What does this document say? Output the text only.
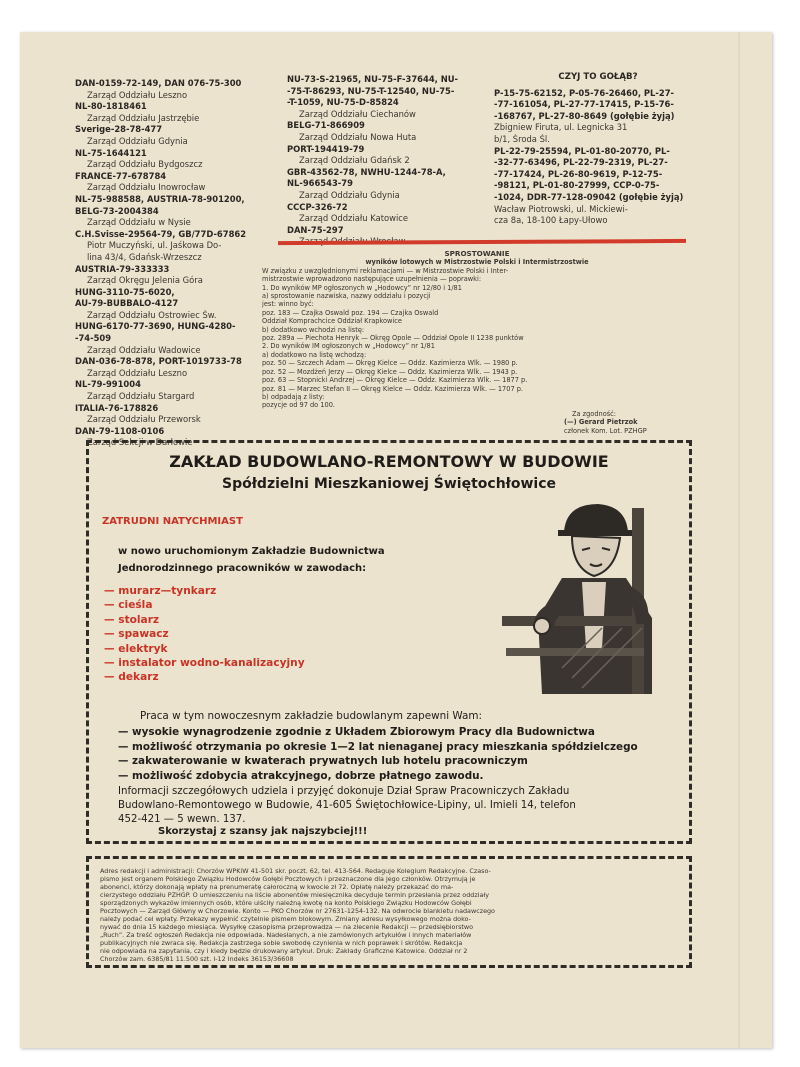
DAN-0159-72-149, DAN 076-75-300
Zarząd Oddziału Leszno
NL-80-1818461
Zarząd Oddziału Jastrzębie
Sverige-28-78-477
Zarząd Oddziału Gdynia
NL-75-1644121
Zarząd Oddziału Bydgoszcz
FRANCE-77-678784
Zarząd Oddziału Inowrocław
NL-75-988588, AUSTRIA-78-901200,
BELG-73-2004384
Zarząd Oddziału w Nysie
C.H.Svisse-29564-79, GB/77D-67862
Piotr Muczyński, ul. Jaśkowa Do-
lina 43/4, Gdańsk-Wrzeszcz
AUSTRIA-79-333333
Zarząd Okręgu Jelenia Góra
HUNG-3110-75-6020,
AU-79-BUBBALO-4127
Zarząd Oddziału Ostrowiec Św.
HUNG-6170-77-3690, HUNG-4280-
-74-509
Zarząd Oddziału Wadowice
DAN-036-78-878, PORT-1019733-78
Zarząd Oddziału Leszno
NL-79-991004
Zarząd Oddziału Stargard
ITALIA-76-178826
Zarząd Oddziału Przeworsk
DAN-79-1108-0106
Zarząd Sekcji w Darłowie
NU-73-S-21965, NU-75-F-37644, NU-
-75-T-86293, NU-75-T-12540, NU-75-
-T-1059, NU-75-D-85824
Zarząd Oddziału Ciechanów
BELG-71-866909
Zarząd Oddziału Nowa Huta
PORT-194419-79
Zarząd Oddziału Gdańsk 2
GBR-43562-78, NWHU-1244-78-A,
NL-966543-79
Zarząd Oddziału Gdynia
CCCP-326-72
Zarząd Oddziału Katowice
DAN-75-297
CZYJ TO GOŁĄB?
P-15-75-62152, P-05-76-26460, PL-27-
-77-161054, PL-27-77-17415, P-15-76-
-168767, PL-27-80-8649 (gołębie żyją)
Zbigniew Firuta, ul. Legnicka 31
b/1, Środa Śl.
PL-22-79-25594, PL-01-80-20770, PL-
-32-77-63496, PL-22-79-2319, PL-27-
-77-17424, PL-26-80-9619, P-12-75-
-98121, PL-01-80-27999, CCP-0-75-
-1024, DDR-77-128-09042 (gołębie żyją)
Wacław Piotrowski, ul. Mickiewi-
cza 8a, 18-100 Łapy-Ułowo
SPROSTOWANIE
wyników lotowych w Mistrzostwie Polski i Intermistrzostwie
W związku z uwzględnionymi reklamacjami — w Mistrzostwie Polski i Inter-
mistrzostwie wprowadzono następujące uzupełnienia — poprawki:
1. Do wyników MP ogłoszonych w „Hodowcy” nr 12/80 i 1/81
a) sprostowanie nazwiska, nazwy oddziału i pozycji
jest: winno być:
poz. 183 — Czajka Oswald poz. 194 — Czajka Oswald
Oddział Komprachcice Oddział Krapkowice
b) dodatkowo wchodzi na listę:
poz. 289a — Piechota Henryk — Okręg Opole — Oddział Opole II 1238 punktów
2. Do wyników IM ogłoszonych w „Hodowcy” nr 1/81
a) dodatkowo na listę wchodzą:
poz. 50 — Szczech Adam — Okręg Kielce — Oddz. Kazimierza Wlk. — 1980 p.
poz. 52 — Mozdżeń Jerzy — Okręg Kielce — Oddz. Kazimierza Wlk. — 1943 p.
poz. 63 — Stopnicki Andrzej — Okręg Kielce — Oddz. Kazimierza Wlk. — 1877 p.
poz. 81 — Marzec Stefan II — Okręg Kielce — Oddz. Kazimierza Wlk. — 1707 p.
b) odpadają z listy:
pozycje od 97 do 100.
Za zgodność:
(—) Gerard Pietrzok
członek Kom. Lot. PZHGP
ZAKŁAD BUDOWLANO-REMONTOWY W BUDOWIE
Spółdzielni Mieszkaniowej Świętochłowice
ZATRUDNI NATYCHMIAST
w nowo uruchomionym Zakładzie Budownictwa
Jednorodzinnego pracowników w zawodach:
— murarz—tynkarz
— cieśla
— stolarz
— spawacz
— elektryk
— instalator wodno-kanalizacyjny
— dekarz
Praca w tym nowoczesnym zakładzie budowlanym zapewni Wam:
— wysokie wynagrodzenie zgodnie z Układem Zbiorowym Pracy dla Budownictwa
— możliwość otrzymania po okresie 1—2 lat nienaganej pracy mieszkania spółdzielczego
— zakwaterowanie w kwaterach prywatnych lub hotelu pracowniczym
— możliwość zdobycia atrakcyjnego, dobrze płatnego zawodu.
Informacji szczegółowych udziela i przyjęć dokonuje Dział Spraw Pracowniczych Zakładu
Budowlano-Remontowego w Budowie, 41-605 Świętochłowice-Lipiny, ul. Imieli 14, telefon
452-421 — 5 wewn. 137.
Skorzystaj z szansy jak najszybciej!!!
Adres redakcji i administracji: Chorzów WPKiW 41-501 skr. poczt. 62, tel. 413-564. Redaguje Kolegium Redakcyjne. Czaso-
pismo jest organem Polskiego Związku Hodowców Gołębi Pocztowych i przeznaczone dla jego członków. Otrzymują je
abonenci, którzy dokonają wpłaty na prenumeratę całoroczną w kwocie zł 72. Opłatę należy przekazać do ma-
cierzystego oddziału PZHGP. O umieszczeniu na liście abonentów miesięcznika decyduje termin przesłania przez oddziały
sporządzonych wykazów imiennych osób, które uiściły należną kwotę na konto Polskiego Związku Hodowców Gołębi
Pocztowych — Zarząd Główny w Chorzowie. Konto — PKO Chorzów nr 27631-1254-132. Na odwrocie blankietu nadawczego
należy podać cel wpłaty. Przekazy wypełnić czytelnie pismem blokowym. Zmiany adresu wysyłkowego można doko-
nywać do dnia 15 każdego miesiąca. Wysyłkę czasopisma przeprowadza — na zlecenie Redakcji — przedsiębiorstwo
„Ruch”. Za treść ogłoszeń Redakcja nie odpowiada. Nadesłanych, a nie zamówionych artykułów i innych materiałów
publikacyjnych nie zwraca się. Redakcja zastrzega sobie swobodę czynienia w nich poprawek i skrótów. Redakcja
nie odpowiada na zapytania, czy i kiedy będzie drukowany artykuł. Druk: Zakłady Graficzne Katowice. Oddział nr 2
Chorzów zam. 6385/81 11.500 szt. I-12 Indeks 36153/36608
